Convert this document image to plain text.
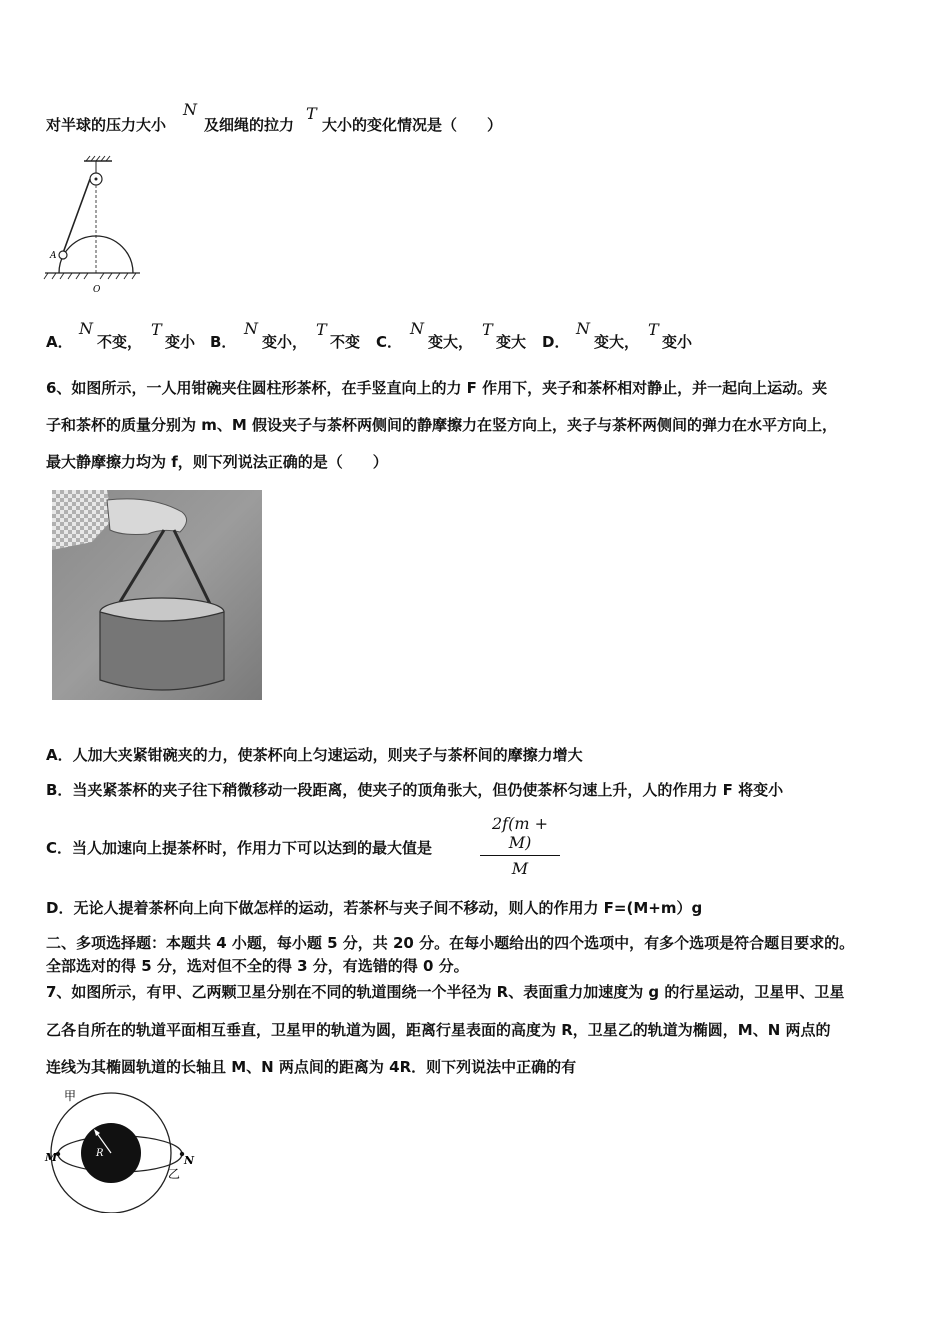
对半球的压力大小
N
及细绳的拉力
T
大小的变化情况是（　　）
A
O
A．
N
不变，
T
变小 B．
N
变小，
T
不变 C．
N
变大，
T
变大 D．
N
变大，
T
变小
6、如图所示，一人用钳碗夹住圆柱形茶杯，在手竖直向上的力 F 作用下，夹子和茶杯相对静止，并一起向上运动。夹
子和茶杯的质量分别为 m、M 假设夹子与茶杯两侧间的静摩擦力在竖方向上，夹子与茶杯两侧间的弹力在水平方向上，
最大静摩擦力均为 f，则下列说法正确的是（　　）
A．人加大夹紧钳碗夹的力，使茶杯向上匀速运动，则夹子与茶杯间的摩擦力增大
B．当夹紧茶杯的夹子往下稍微移动一段距离，使夹子的顶角张大，但仍使茶杯匀速上升，人的作用力 F 将变小
C．当人加速向上提茶杯时，作用力下可以达到的最大值是
2f(m + M)
M
D．无论人提着茶杯向上向下做怎样的运动，若茶杯与夹子间不移动，则人的作用力 F=(M+m）g
二、多项选择题：本题共 4 小题，每小题 5 分，共 20 分。在每小题给出的四个选项中，有多个选项是符合题目要求的。
全部选对的得 5 分，选对但不全的得 3 分，有选错的得 0 分。
7、如图所示，有甲、乙两颗卫星分别在不同的轨道围绕一个半径为 R、表面重力加速度为 g 的行星运动，卫星甲、卫星
乙各自所在的轨道平面相互垂直，卫星甲的轨道为圆，距离行星表面的高度为 R，卫星乙的轨道为椭圆，M、N 两点的
连线为其椭圆轨道的长轴且 M、N 两点间的距离为 4R．则下列说法中正确的有
R
甲
M	N
乙
